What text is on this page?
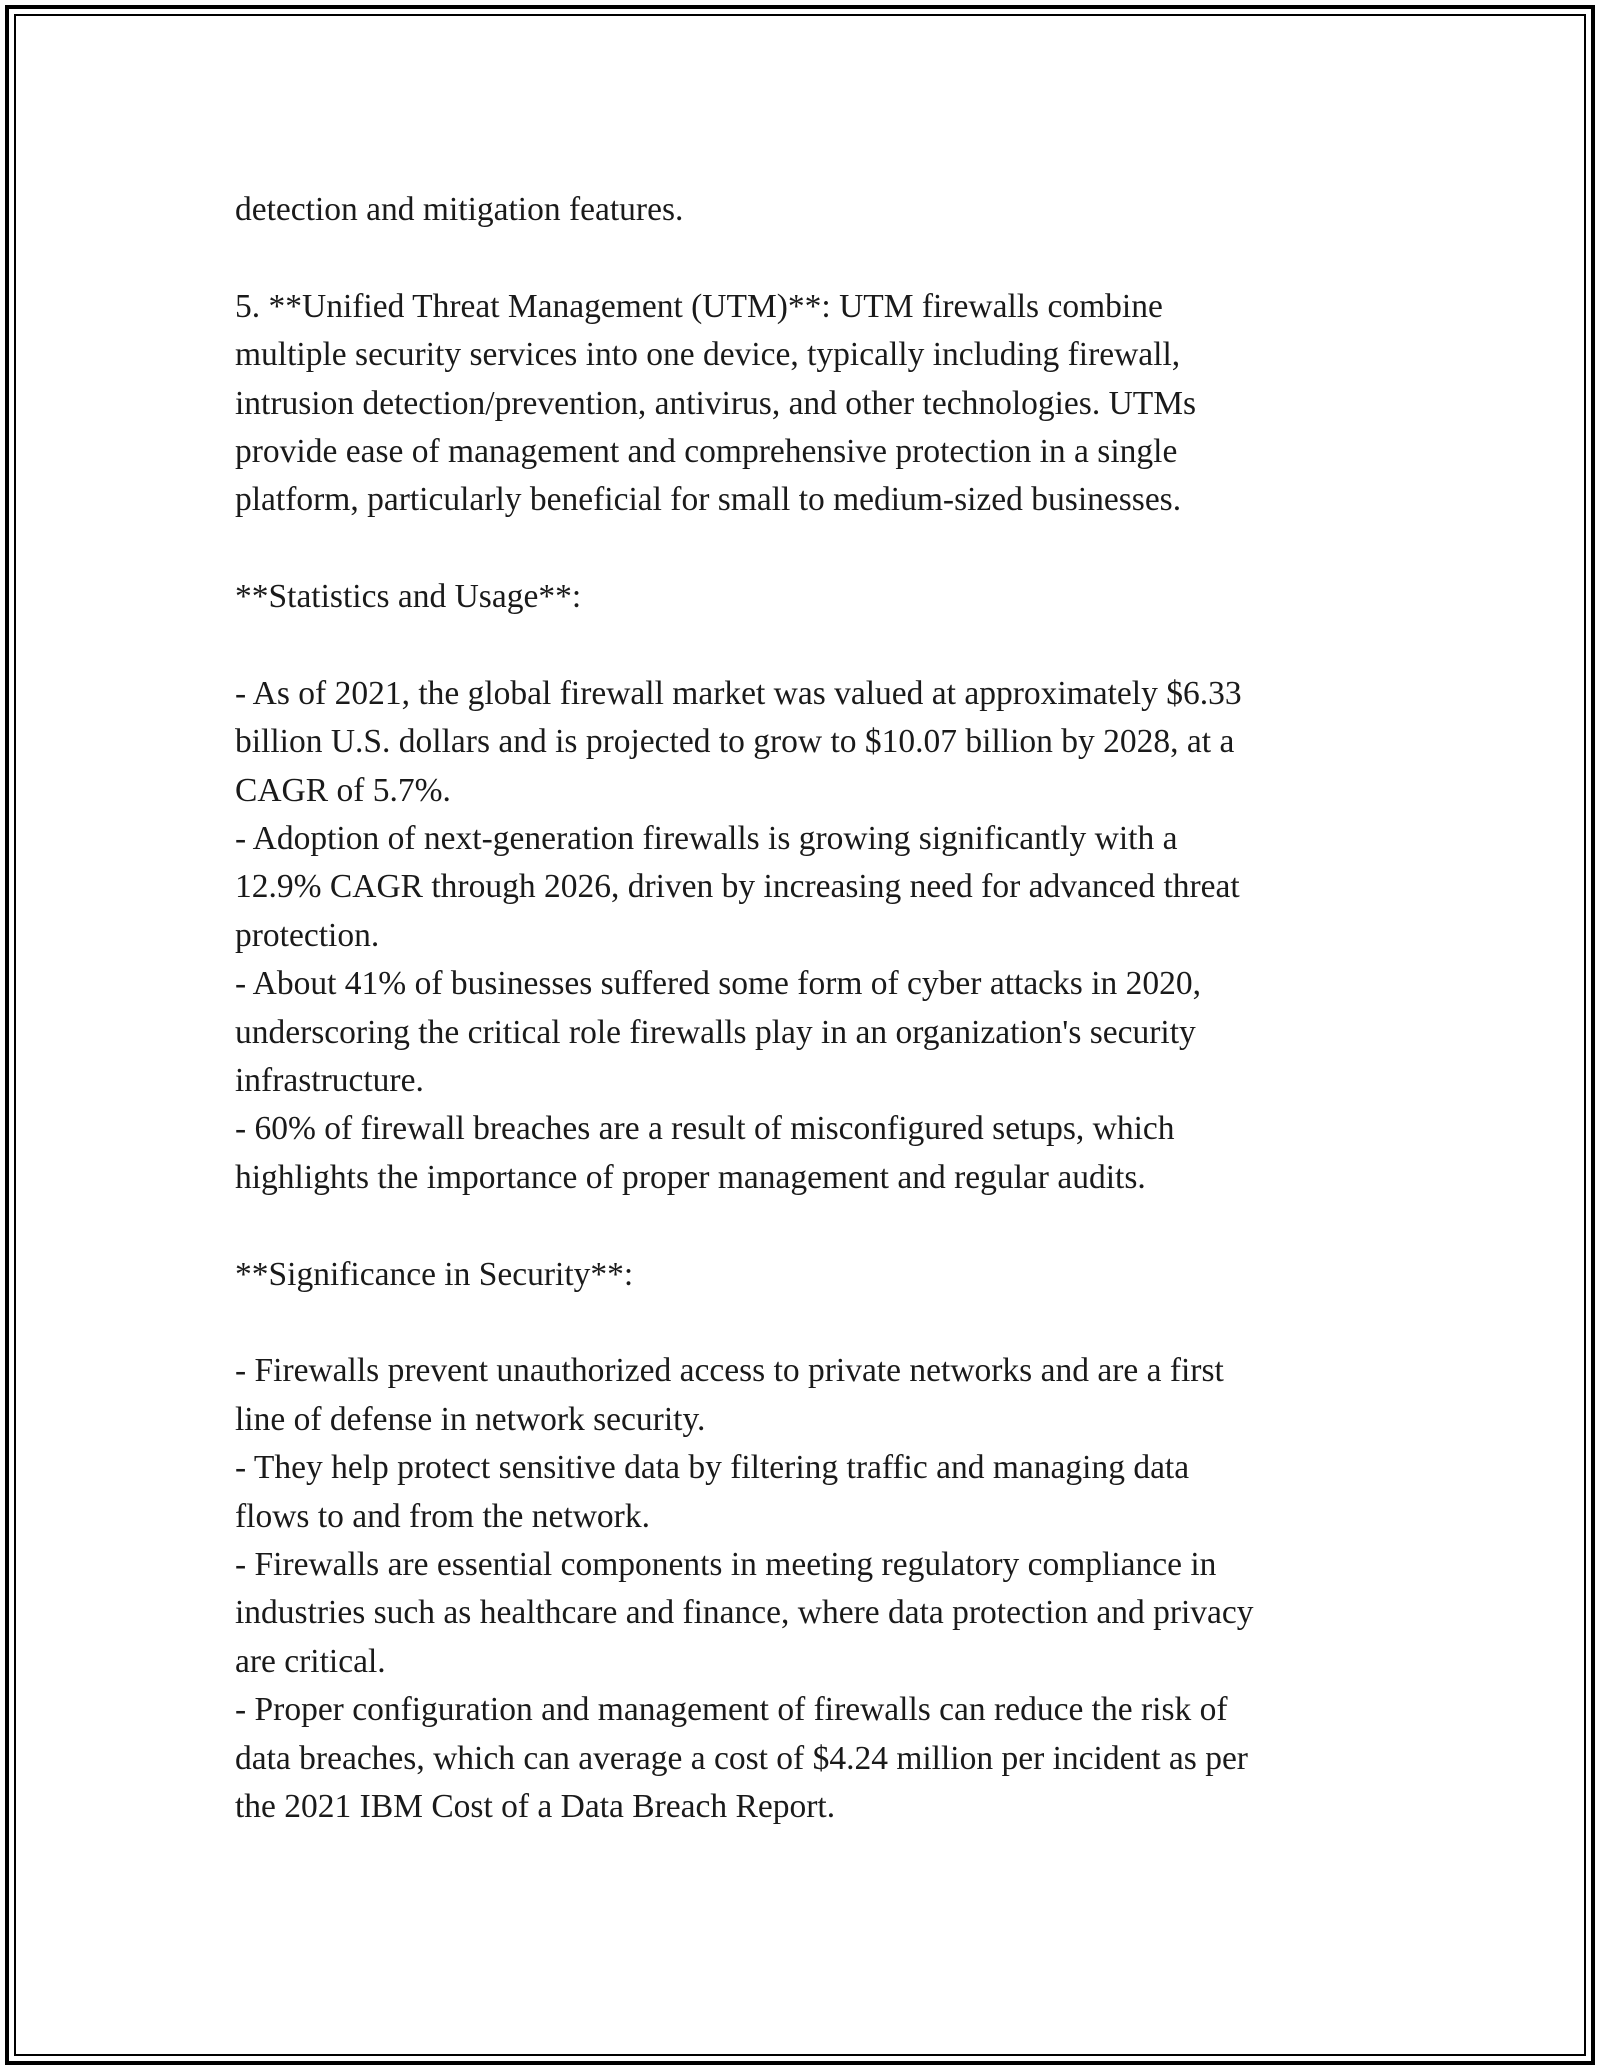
detection and mitigation features.
5. **Unified Threat Management (UTM)**: UTM firewalls combine
multiple security services into one device, typically including firewall,
intrusion detection/prevention, antivirus, and other technologies. UTMs
provide ease of management and comprehensive protection in a single
platform, particularly beneficial for small to medium-sized businesses.
**Statistics and Usage**:
- As of 2021, the global firewall market was valued at approximately $6.33
billion U.S. dollars and is projected to grow to $10.07 billion by 2028, at a
CAGR of 5.7%.
- Adoption of next-generation firewalls is growing significantly with a
12.9% CAGR through 2026, driven by increasing need for advanced threat
protection.
- About 41% of businesses suffered some form of cyber attacks in 2020,
underscoring the critical role firewalls play in an organization's security
infrastructure.
- 60% of firewall breaches are a result of misconfigured setups, which
highlights the importance of proper management and regular audits.
**Significance in Security**:
- Firewalls prevent unauthorized access to private networks and are a first
line of defense in network security.
- They help protect sensitive data by filtering traffic and managing data
flows to and from the network.
- Firewalls are essential components in meeting regulatory compliance in
industries such as healthcare and finance, where data protection and privacy
are critical.
- Proper configuration and management of firewalls can reduce the risk of
data breaches, which can average a cost of $4.24 million per incident as per
the 2021 IBM Cost of a Data Breach Report.
